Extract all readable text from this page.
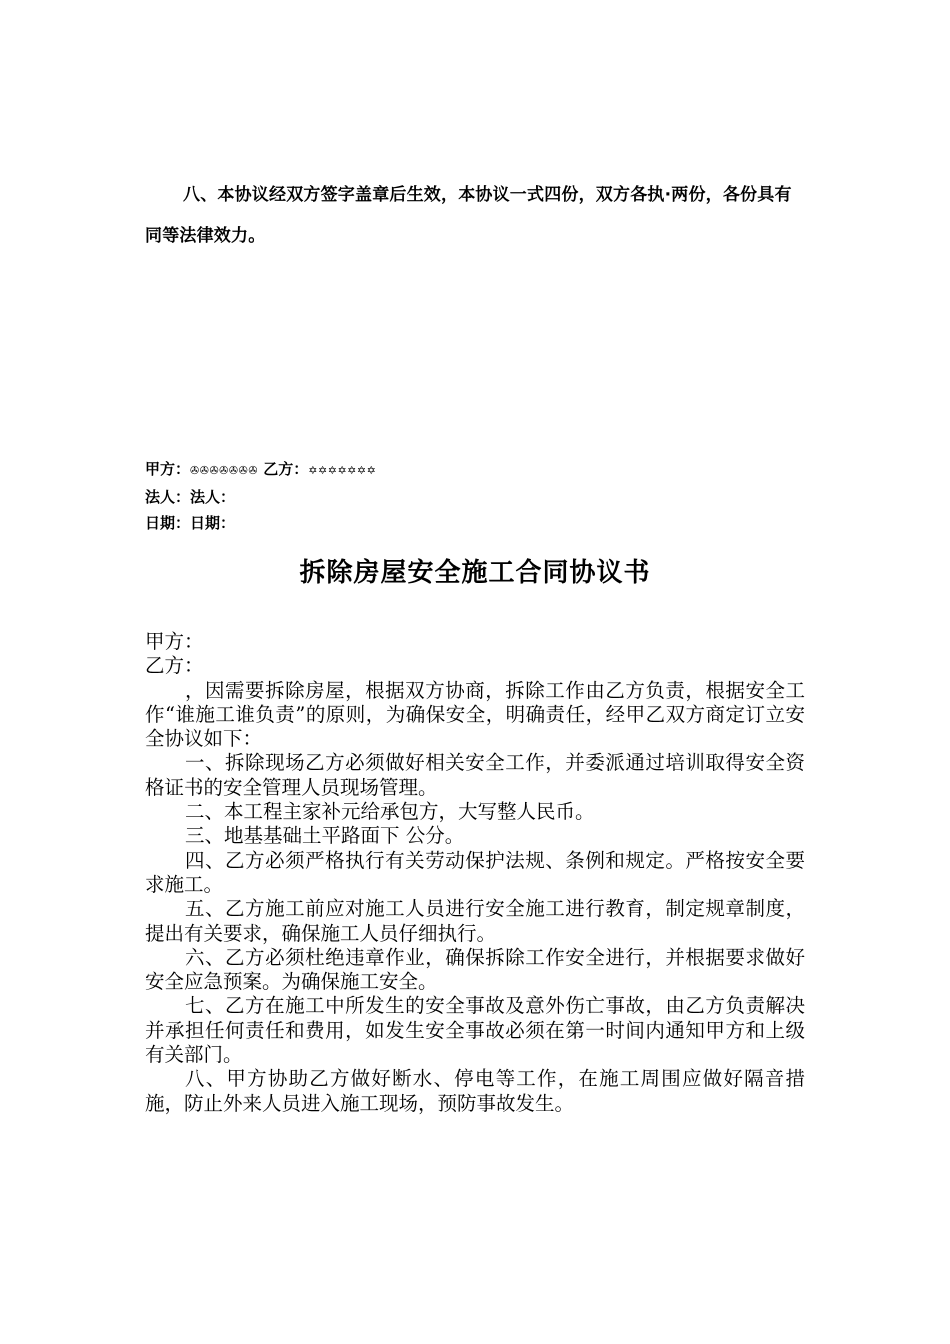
八、本协议经双方签字盖章后生效，本协议一式四份，双方各执·两份，各份具有同等法律效力。

甲方：✇✇✇✇✇✇✇ 乙方：✡✡✡✡✡✡✡
法人：法人：
日期：日期：
拆除房屋安全施工合同协议书

甲方：

乙方：

，因需要拆除房屋，根据双方协商，拆除工作由乙方负责，根据安全工作“谁施工谁负责”的原则，为确保安全，明确责任，经甲乙双方商定订立安全协议如下：

一、拆除现场乙方必须做好相关安全工作，并委派通过培训取得安全资格证书的安全管理人员现场管理。

二、本工程主家补元给承包方，大写整人民币。

三、地基基础土平路面下 公分。

四、乙方必须严格执行有关劳动保护法规、条例和规定。严格按安全要求施工。

五、乙方施工前应对施工人员进行安全施工进行教育，制定规章制度，提出有关要求，确保施工人员仔细执行。

六、乙方必须杜绝违章作业，确保拆除工作安全进行，并根据要求做好安全应急预案。为确保施工安全。

七、乙方在施工中所发生的安全事故及意外伤亡事故，由乙方负责解决并承担任何责任和费用，如发生安全事故必须在第一时间内通知甲方和上级有关部门。

八、甲方协助乙方做好断水、停电等工作，在施工周围应做好隔音措施，防止外来人员进入施工现场，预防事故发生。
